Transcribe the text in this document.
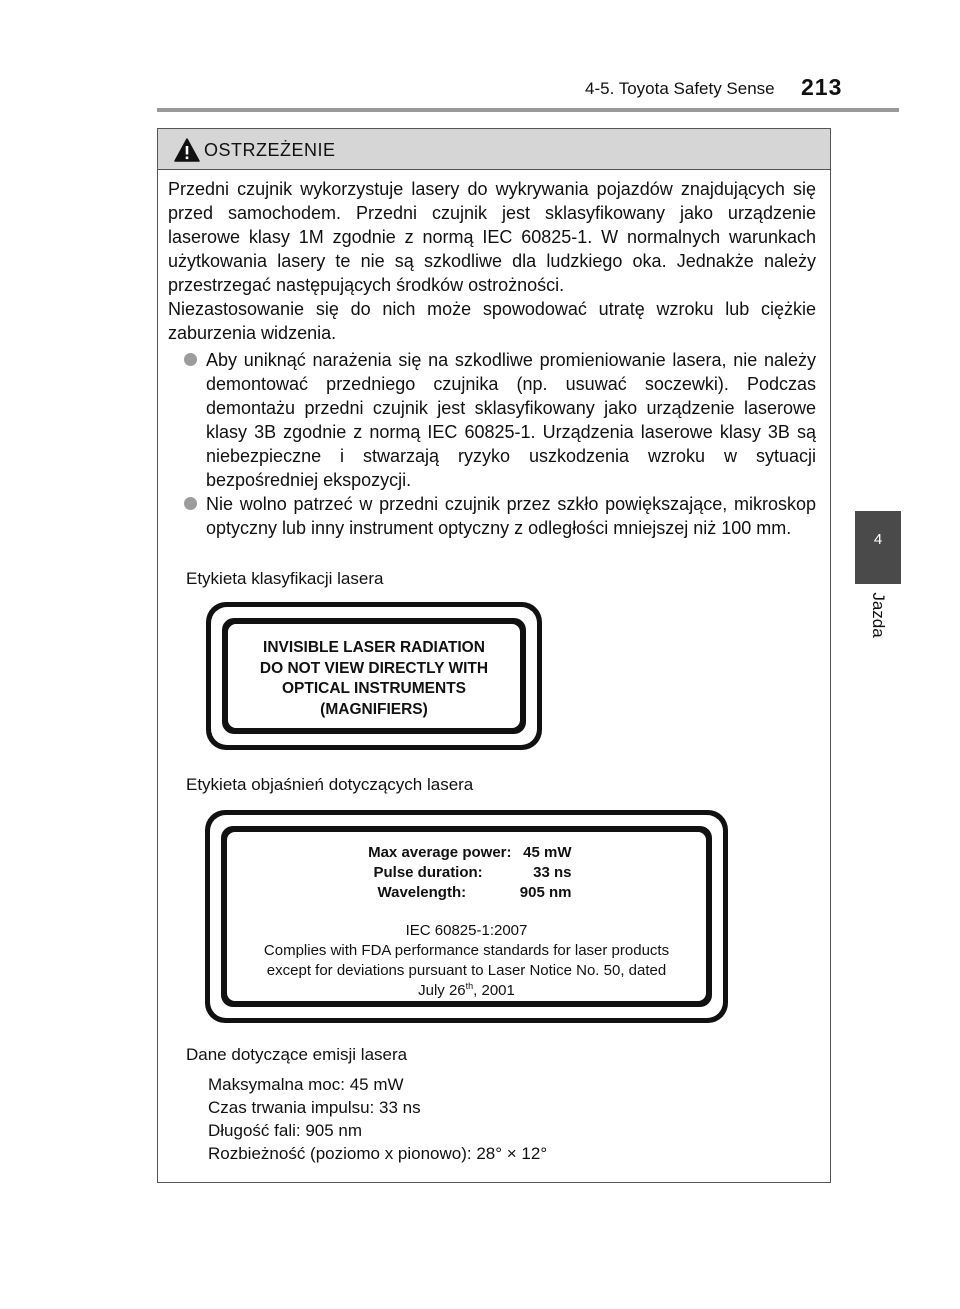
4-5. Toyota Safety Sense 213
4
Jazda
OSTRZEŻENIE

Przedni czujnik wykorzystuje lasery do wykrywania pojazdów znajdujących się przed samochodem. Przedni czujnik jest sklasyfikowany jako urządzenie laserowe klasy 1M zgodnie z normą IEC 60825-1. W normalnych warunkach użytkowania lasery te nie są szkodliwe dla ludzkiego oka. Jednakże należy przestrzegać następujących środków ostrożności.

Niezastosowanie się do nich może spowodować utratę wzroku lub ciężkie zaburzenia widzenia.

Aby uniknąć narażenia się na szkodliwe promieniowanie lasera, nie należy demontować przedniego czujnika (np. usuwać soczewki). Podczas demontażu przedni czujnik jest sklasyfikowany jako urządzenie laserowe klasy 3B zgodnie z normą IEC 60825-1. Urządzenia laserowe klasy 3B są niebezpieczne i stwarzają ryzyko uszkodzenia wzroku w sytuacji bezpośredniej ekspozycji.

Nie wolno patrzeć w przedni czujnik przez szkło powiększające, mikroskop optyczny lub inny instrument optyczny z odległości mniejszej niż 100 mm.

Etykieta klasyfikacji lasera
INVISIBLE LASER RADIATION
DO NOT VIEW DIRECTLY WITH
OPTICAL INSTRUMENTS
(MAGNIFIERS)
Etykieta objaśnień dotyczących lasera
Max average power: 45 mW
Pulse duration:	33 ns
Wavelength:	905 nm
IEC 60825-1:2007
Complies with FDA performance standards for laser products
except for deviations pursuant to Laser Notice No. 50, dated
July 26th, 2001
Dane dotyczące emisji lasera
Maksymalna moc: 45 mW
Czas trwania impulsu: 33 ns
Długość fali: 905 nm
Rozbieżność (poziomo x pionowo): 28° × 12°
